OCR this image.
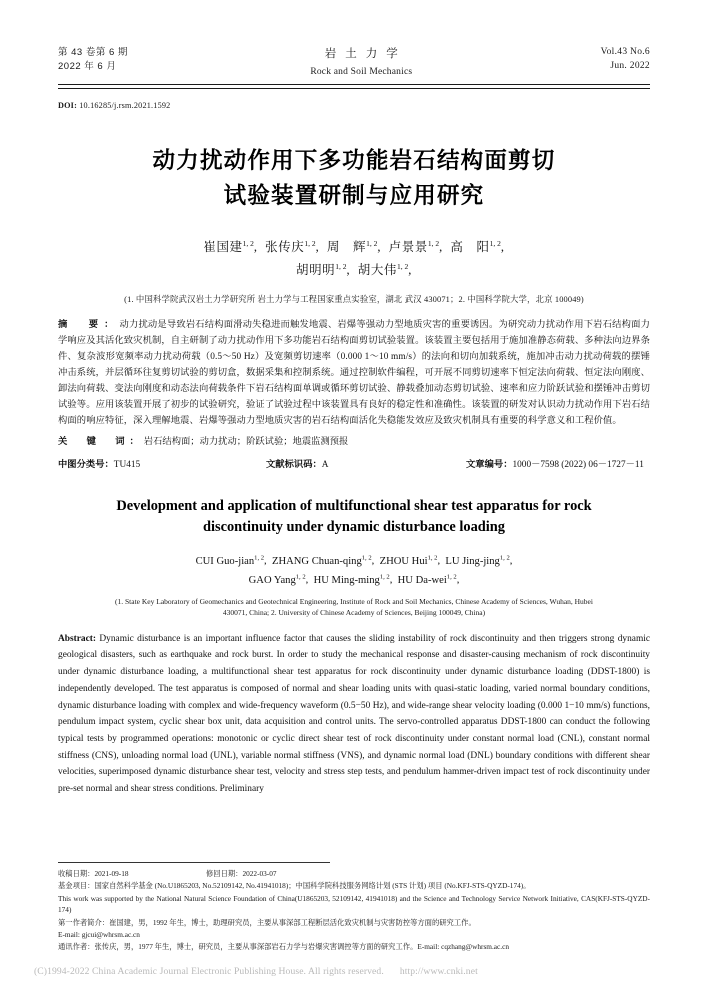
第 43 卷第 6 期
2022 年 6 月
岩土力学
Rock and Soil Mechanics
Vol.43 No.6
Jun. 2022
DOI: 10.16285/j.rsm.2021.1592
动力扰动作用下多功能岩石结构面剪切
试验装置研制与应用研究
崔国建$^{1, 2}$,  张传庆$^{1, 2}$,  周　辉$^{1, 2}$,  卢景景$^{1, 2}$,  高　阳$^{1, 2}$,
胡明明$^{1, 2}$,  胡大伟$^{1, 2}$,
(1. 中国科学院武汉岩土力学研究所 岩土力学与工程国家重点实验室，湖北 武汉 430071；2. 中国科学院大学，北京 100049)
摘　要：动力扰动是导致岩石结构面滑动失稳进而触发地震、岩爆等强动力型地质灾害的重要诱因。为研究动力扰动作用下岩石结构面力学响应及其活化致灾机制，自主研制了动力扰动作用下多功能岩石结构面剪切试验装置。该装置主要包括用于施加准静态荷载、多种法向边界条件、复杂波形宽频率动力扰动荷载（0.5～50 Hz）及宽频剪切速率（0.000 1～10 mm/s）的法向和切向加载系统，施加冲击动力扰动荷载的摆锤冲击系统，并层循环往复剪切试验的剪切盒，数据采集和控制系统。通过控制软件编程，可开展不同剪切速率下恒定法向荷载、恒定法向刚度、卸法向荷载、变法向刚度和动态法向荷载条件下岩石结构面单调或循环剪切试验、静载叠加动态剪切试验、速率和应力阶跃试验和摆锤冲击剪切试验等。应用该装置开展了初步的试验研究，验证了试验过程中该装置具有良好的稳定性和准确性。该装置的研发对认识动力扰动作用下岩石结构面的响应特征，深入理解地震、岩爆等强动力型地质灾害的岩石结构面活化失稳能发效应及致灾机制具有重要的科学意义和工程价值。
关　键　词：岩石结构面；动力扰动；阶跃试验；地震监测预报
中图分类号：TU415	文献标识码：A	文章编号：1000－7598 (2022) 06－1727－11
Development and application of multifunctional shear test apparatus for rock
discontinuity under dynamic disturbance loading
CUI Guo-jian$^{1, 2}$,  ZHANG Chuan-qing$^{1, 2}$,  ZHOU Hui$^{1, 2}$,  LU Jing-jing$^{1, 2}$,
GAO Yang$^{1, 2}$,  HU Ming-ming$^{1, 2}$,  HU Da-wei$^{1, 2}$,
(1. State Key Laboratory of Geomechanics and Geotechnical Engineering, Institute of Rock and Soil Mechanics, Chinese Academy of Sciences, Wuhan, Hubei
430071, China; 2. University of Chinese Academy of Sciences, Beijing 100049, China)
Abstract: Dynamic disturbance is an important influence factor that causes the sliding instability of rock discontinuity and then triggers strong dynamic geological disasters, such as earthquake and rock burst. In order to study the mechanical response and disaster-causing mechanism of rock discontinuity under dynamic disturbance loading, a multifunctional shear test apparatus for rock discontinuity under dynamic disturbance loading (DDST-1800) is independently developed. The test apparatus is composed of normal and shear loading units with quasi-static loading, varied normal boundary conditions, dynamic disturbance loading with complex and wide-frequency waveform (0.5−50 Hz), and wide-range shear velocity loading (0.000 1−10 mm/s) functions, pendulum impact system, cyclic shear box unit, data acquisition and control units. The servo-controlled apparatus DDST-1800 can conduct the following typical tests by programmed operations: monotonic or cyclic direct shear test of rock discontinuity under constant normal load (CNL), constant normal stiffness (CNS), unloading normal load (UNL), variable normal stiffness (VNS), and dynamic normal load (DNL) boundary conditions with different shear velocities, superimposed dynamic disturbance shear test, velocity and stress step tests, and pendulum hammer-driven impact test of rock discontinuity under pre-set normal and shear stress conditions. Preliminary
收稿日期：2021-09-18	修回日期：2022-03-07
基金项目：国家自然科学基金 (No.U1865203, No.52109142, No.41941018)；中国科学院科技服务网络计划 (STS 计划) 项目 (No.KFJ-STS-QYZD-174)。
This work was supported by the National Natural Science Foundation of China(U1865203, 52109142, 41941018) and the Science and Technology Service Network Initiative, CAS(KFJ-STS-QYZD-174)
第一作者简介：崔国建，男，1992 年生，博士，助理研究员，主要从事深部工程断层活化致灾机制与灾害防控等方面的研究工作。
E-mail: gjcui@whrsm.ac.cn
通讯作者：张传庆，男，1977 年生，博士，研究员，主要从事深部岩石力学与岩爆灾害调控等方面的研究工作。E-mail: cqzhang@whrsm.ac.cn
(C)1994-2022 China Academic Journal Electronic Publishing House. All rights reserved. http://www.cnki.net
